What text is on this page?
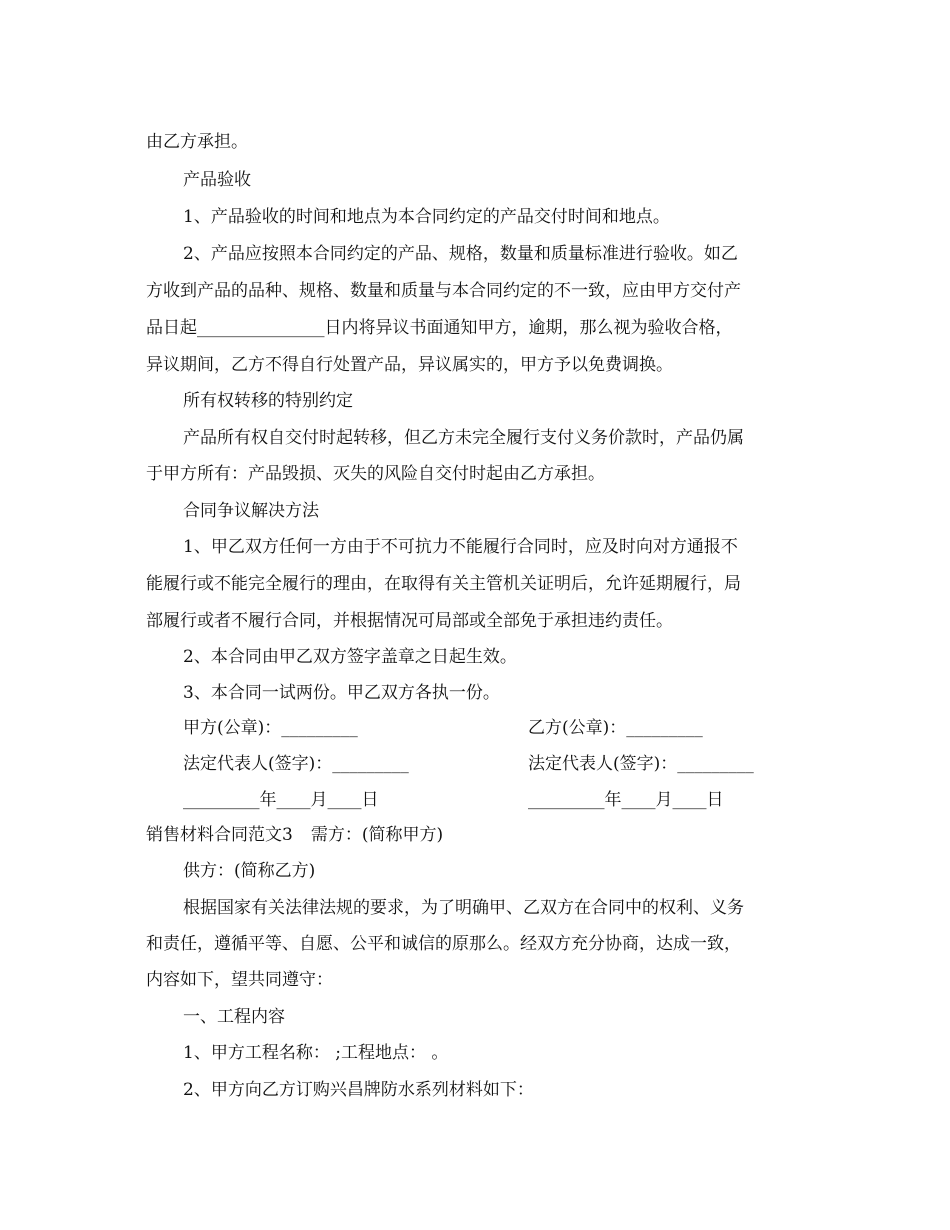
由乙方承担。
产品验收
1、产品验收的时间和地点为本合同约定的产品交付时间和地点。
2、产品应按照本合同约定的产品、规格，数量和质量标准进行验收。如乙
方收到产品的品种、规格、数量和质量与本合同约定的不一致，应由甲方交付产
品日起_______________日内将异议书面通知甲方，逾期，那么视为验收合格，
异议期间，乙方不得自行处置产品，异议属实的，甲方予以免费调换。
所有权转移的特别约定
产品所有权自交付时起转移，但乙方未完全履行支付义务价款时，产品仍属
于甲方所有：产品毁损、灭失的风险自交付时起由乙方承担。
合同争议解决方法
1、甲乙双方任何一方由于不可抗力不能履行合同时，应及时向对方通报不
能履行或不能完全履行的理由，在取得有关主管机关证明后，允许延期履行，局
部履行或者不履行合同，并根据情况可局部或全部免于承担违约责任。
2、本合同由甲乙双方签字盖章之日起生效。
3、本合同一试两份。甲乙双方各执一份。
甲方(公章)：_________	乙方(公章)：_________
法定代表人(签字)：_________	法定代表人(签字)：_________
_________年____月____日	_________年____月____日
销售材料合同范文3 需方：(简称甲方)
供方：(简称乙方)
根据国家有关法律法规的要求，为了明确甲、乙双方在合同中的权利、义务
和责任，遵循平等、自愿、公平和诚信的原那么。经双方充分协商，达成一致，
内容如下，望共同遵守：
一、工程内容
1、甲方工程名称： ;工程地点： 。
2、甲方向乙方订购兴昌牌防水系列材料如下：
